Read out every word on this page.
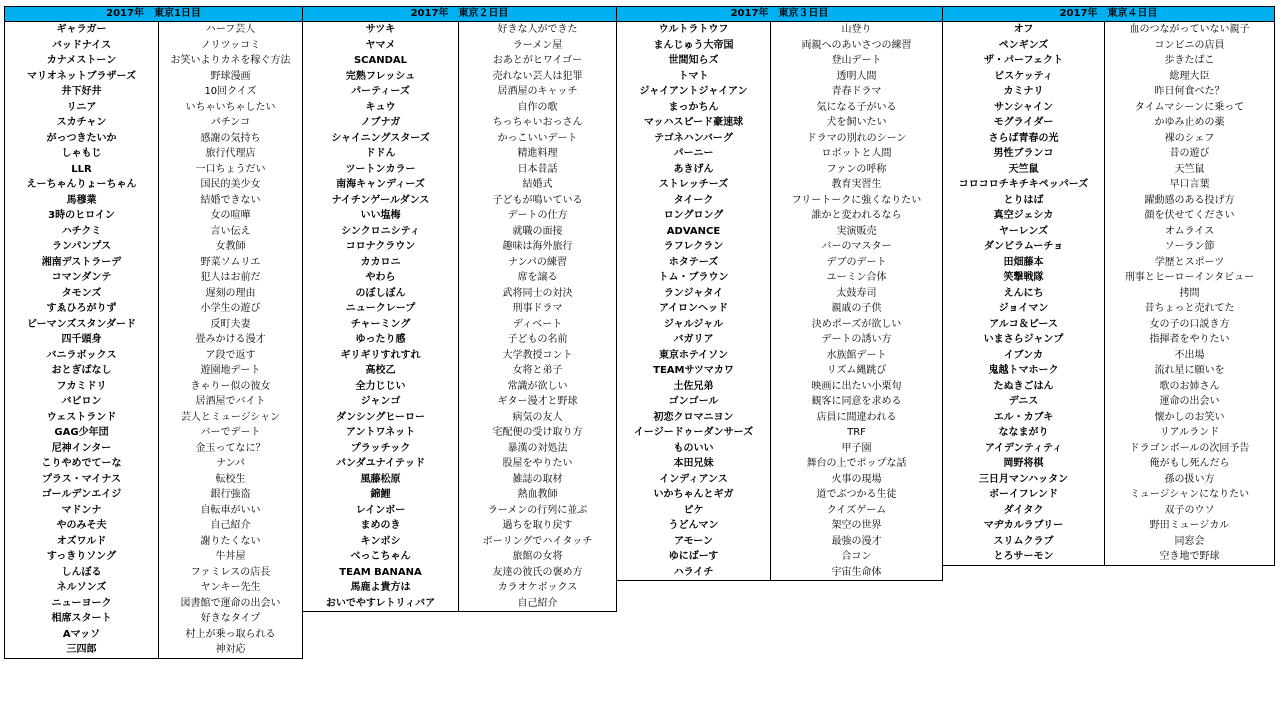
2017年　東京1日目	
ギャラガー	ハーフ芸人
バッドナイス	ノリツッコミ
カナメストーン	お笑いよりカネを稼ぐ方法
マリオネットブラザーズ	野球漫画
井下好井	10回クイズ
リニア	いちゃいちゃしたい
スカチャン	パチンコ
がっつきたいか	感謝の気持ち
しゃもじ	旅行代理店
LLR	一口ちょうだい
えーちゃんりょーちゃん	国民的美少女
馬穆業	結婚できない
3時のヒロイン	女の喧嘩
ハチクミ	言い伝え
ランパンプス	女教師
湘南デストラーデ	野菜ソムリエ
コマンダンテ	犯人はお前だ
タモンズ	遅刻の理由
すゑひろがりず	小学生の遊び
ビーマンズスタンダード	反町夫妻
四千頭身	畳みかける漫才
バニラボックス	ア段で返す
おとぎばなし	遊園地デート
フカミドリ	きゃりー似の彼女
バビロン	居酒屋でバイト
ウェストランド	芸人とミュージシャン
GAG少年団	バーでデート
尼神インター	金玉ってなに？
こりやめでてーな	ナンパ
プラス・マイナス	転校生
ゴールデンエイジ	銀行強盗
マドンナ	自転車がいい
やのみそ夫	自己紹介
オズワルド	謝りたくない
すっきりソング	牛丼屋
しんぼる	ファミレスの店長
ネルソンズ	ヤンキー先生
ニューヨーク	図書館で運命の出会い
相席スタート	好きなタイプ
Aマッソ	村上が乗っ取られる
三四郎	神対応
2017年　東京２日目	
サツキ	好きな人ができた
ヤマメ	ラーメン屋
SCANDAL	おあとがヒワイゴー
完熟フレッシュ	売れない芸人は犯罪
パーティーズ	居酒屋のキャッチ
キュウ	自作の歌
ノブナガ	ちっちゃいおっさん
シャイニングスターズ	かっこいいデート
ドドん	精進料理
ツートンカラー	日本昔話
南海キャンディーズ	結婚式
ナイチンゲールダンス	子どもが鳴いている
いい塩梅	デートの仕方
シンクロニシティ	就職の面接
コロナクラウン	趣味は海外旅行
カカロニ	ナンパの練習
やわら	席を譲る
のぼしぼん	武将同士の対決
ニュークレープ	刑事ドラマ
チャーミング	ディベート
ゆったり感	子どもの名前
ギリギリすれすれ	大学教授コント
高校乙	女将と弟子
全力じじい	常識が欲しい
ジャンゴ	ギター漫才と野球
ダンシングヒーロー	病気の友人
アントワネット	宅配便の受け取り方
プラッチック	暴漢の対処法
パンダユナイテッド	股屋をやりたい
風藤松原	雑誌の取材
錦鯉	熱血教師
レインボー	ラーメンの行列に並ぶ
まめのき	過ちを取り戻す
キンボシ	ボーリングでハイタッチ
べっこちゃん	旅館の女将
TEAM BANANA	友達の彼氏の褒め方
馬鹿よ貴方は	カラオケボックス
おいでやすレトリィバア	自己紹介
2017年　東京３日目	
ウルトラトウフ	山登り
まんじゅう大帝国	両親へのあいさつの練習
世間知らズ	登山デート
トマト	透明人間
ジャイアントジャイアン	青春ドラマ
まっかちん	気になる子がいる
マッハスピード豪速球	犬を飼いたい
テゴネハンバーグ	ドラマの別れのシーン
パーニー	ロボットと人間
あきげん	ファンの呼称
ストレッチーズ	教育実習生
タイーク	フリートークに強くなりたい
ロングロング	誰かと変われるなら
ADVANCE	実演販売
ラフレクラン	バーのマスター
ホタテーズ	デブのデート
トム・ブラウン	ユーミン合体
ランジャタイ	太鼓寿司
アイロンヘッド	親戚の子供
ジャルジャル	決めポーズが欲しい
バガリア	デートの誘い方
東京ホテイソン	水族館デート
TEAMサツマカワ	リズム縄跳び
土佐兄弟	映画に出たい小栗旬
ゴンゴール	観客に同意を求める
初恋クロマニヨン	店員に間違われる
イージードゥーダンサーズ	TRF
ものいい	甲子園
本田兄妹	舞台の上でポップな話
インディアンス	火事の現場
いかちゃんとギガ	道でぶつかる生徒
ピケ	クイズゲーム
うどんマン	架空の世界
アモーン	最強の漫才
ゆにばーす	合コン
ハライチ	宇宙生命体
2017年　東京４日目	
オフ	血のつながっていない親子
ペンギンズ	コンビニの店員
ザ・パーフェクト	歩きたばこ
ビスケッティ	総理大臣
カミナリ	昨日何食べた？
サンシャイン	タイムマシーンに乗って
モグライダー	かゆみ止めの薬
さらば青春の光	裸のシェフ
男性ブランコ	昔の遊び
天竺鼠	天竺鼠
コロコロチキチキペッパーズ	早口言葉
とりはば	躍動感のある投げ方
真空ジェシカ	顔を伏せてください
ヤーレンズ	オムライス
ダンビラムーチョ	ソーラン節
田畑藤本	学歴とスポーツ
笑撃戦隊	刑事とヒーローインタビュー
えんにち	拷問
ジョイマン	昔ちょっと売れてた
アルコ＆ピース	女の子の口説き方
いまさらジャンプ	指揮者をやりたい
イブンカ	不出場
鬼越トマホーク	流れ星に願いを
たぬきごはん	歌のお姉さん
デニス	運命の出会い
エル・カブキ	懐かしのお笑い
ななまがり	リアルランド
アイデンティティ	ドラゴンボールの次回予告
岡野将棋	俺がもし死んだら
三日月マンハッタン	孫の扱い方
ボーイフレンド	ミュージシャンになりたい
ダイタク	双子のウソ
マヂカルラブリー	野田ミュージカル
スリムクラブ	同窓会
とろサーモン	空き地で野球
